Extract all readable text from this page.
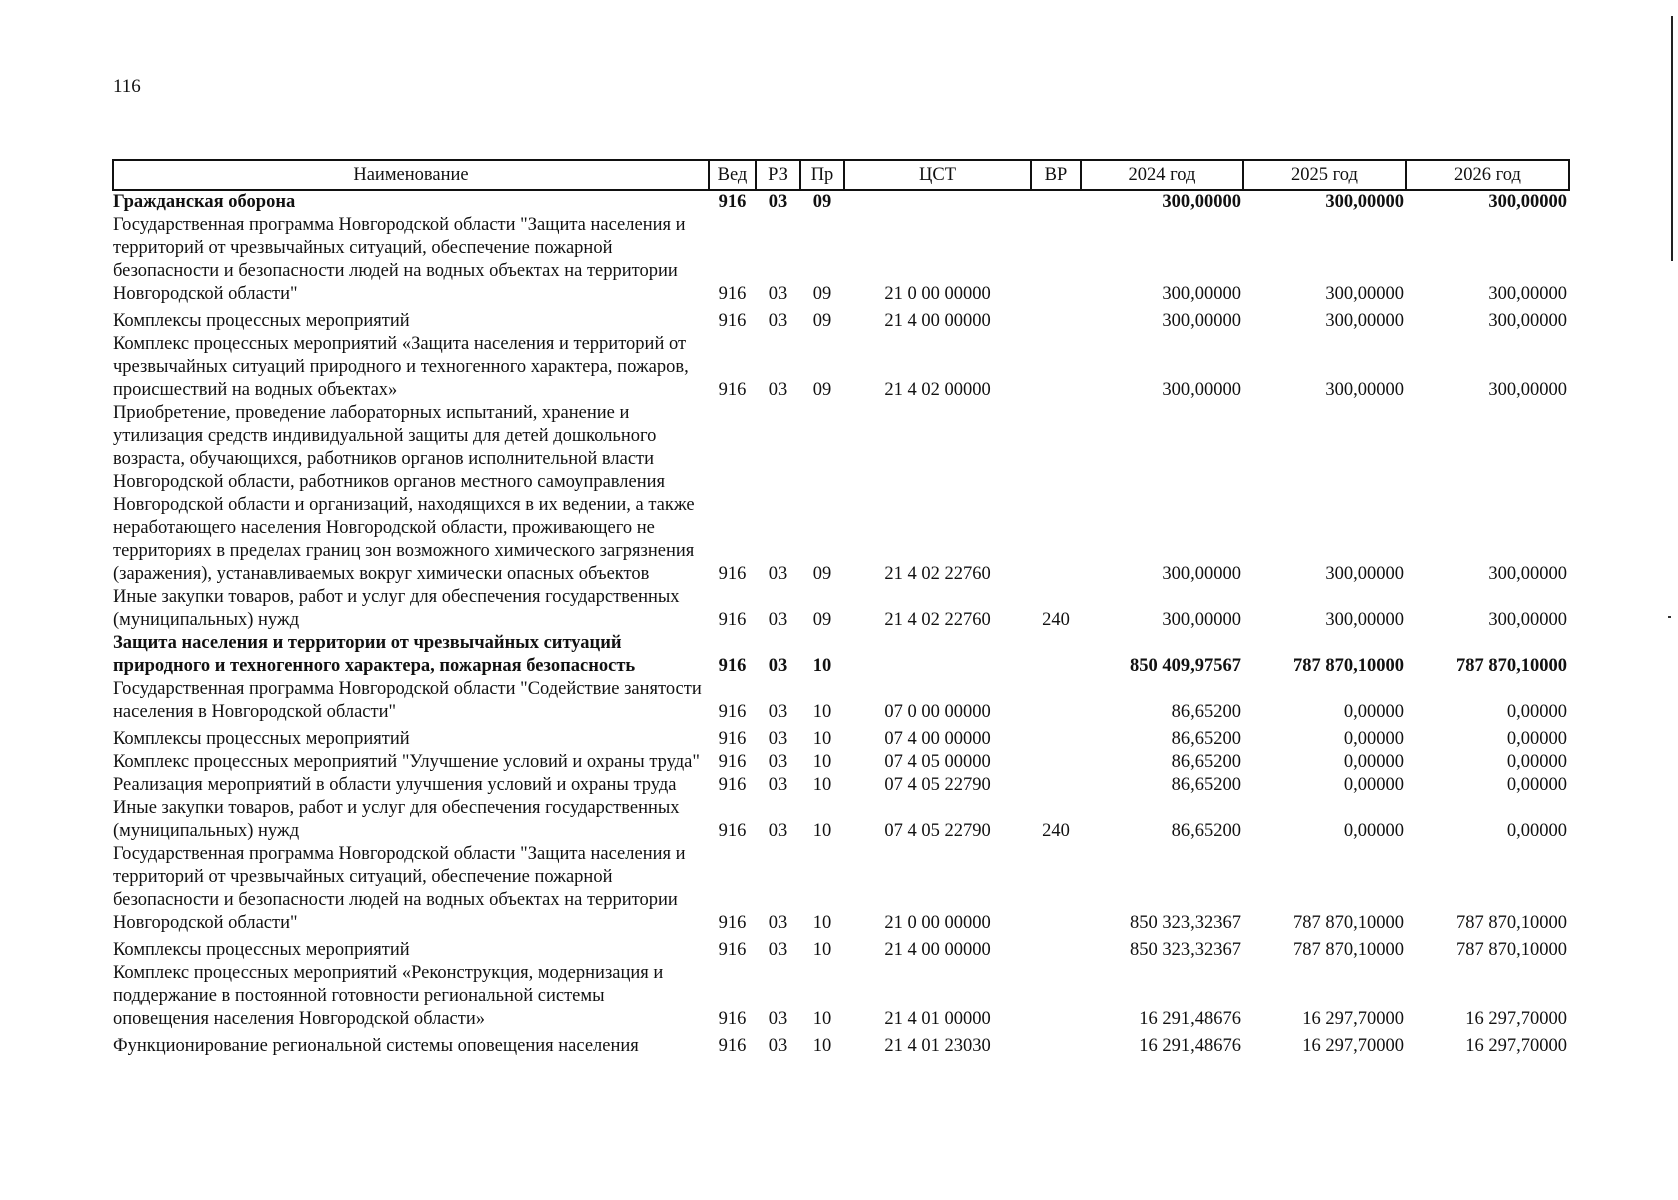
116
Наименование	Вед	РЗ	Пр	ЦСТ	ВР	2024 год	2025 год	2026 год
Гражданская оборона	916	03	09			300,00000	300,00000	300,00000
Государственная программа Новгородской области "Защита населения и территорий от чрезвычайных ситуаций, обеспечение пожарной безопасности и безопасности людей на водных объектах на территории Новгородской области"	916	03	09	21 0 00 00000		300,00000	300,00000	300,00000
Комплексы процессных мероприятий	916	03	09	21 4 00 00000		300,00000	300,00000	300,00000
Комплекс процессных мероприятий «Защита населения и территорий от чрезвычайных ситуаций природного и техногенного характера, пожаров, происшествий на водных объектах»	916	03	09	21 4 02 00000		300,00000	300,00000	300,00000
Приобретение, проведение лабораторных испытаний, хранение и утилизация средств индивидуальной защиты для детей дошкольного возраста, обучающихся, работников органов исполнительной власти Новгородской области, работников органов местного самоуправления Новгородской области и организаций, находящихся в их ведении, а также неработающего населения Новгородской области, проживающего не территориях в пределах границ зон возможного химического загрязнения (заражения), устанавливаемых вокруг химически опасных объектов	916	03	09	21 4 02 22760		300,00000	300,00000	300,00000
Иные закупки товаров, работ и услуг для обеспечения государственных (муниципальных) нужд	916	03	09	21 4 02 22760	240	300,00000	300,00000	300,00000
Защита населения и территории от чрезвычайных ситуаций природного и техногенного характера, пожарная безопасность	916	03	10			850 409,97567	787 870,10000	787 870,10000
Государственная программа Новгородской области "Содействие занятости населения в Новгородской области"	916	03	10	07 0 00 00000		86,65200	0,00000	0,00000
Комплексы процессных мероприятий	916	03	10	07 4 00 00000		86,65200	0,00000	0,00000
Комплекс процессных мероприятий "Улучшение условий и охраны труда"	916	03	10	07 4 05 00000		86,65200	0,00000	0,00000
Реализация мероприятий в области улучшения условий и охраны труда	916	03	10	07 4 05 22790		86,65200	0,00000	0,00000
Иные закупки товаров, работ и услуг для обеспечения государственных (муниципальных) нужд	916	03	10	07 4 05 22790	240	86,65200	0,00000	0,00000
Государственная программа Новгородской области "Защита населения и территорий от чрезвычайных ситуаций, обеспечение пожарной безопасности и безопасности людей на водных объектах на территории Новгородской области"	916	03	10	21 0 00 00000		850 323,32367	787 870,10000	787 870,10000
Комплексы процессных мероприятий	916	03	10	21 4 00 00000		850 323,32367	787 870,10000	787 870,10000
Комплекс процессных мероприятий «Реконструкция, модернизация и поддержание в постоянной готовности региональной системы оповещения населения Новгородской области»	916	03	10	21 4 01 00000		16 291,48676	16 297,70000	16 297,70000
Функционирование региональной системы оповещения населения	916	03	10	21 4 01 23030		16 291,48676	16 297,70000	16 297,70000
